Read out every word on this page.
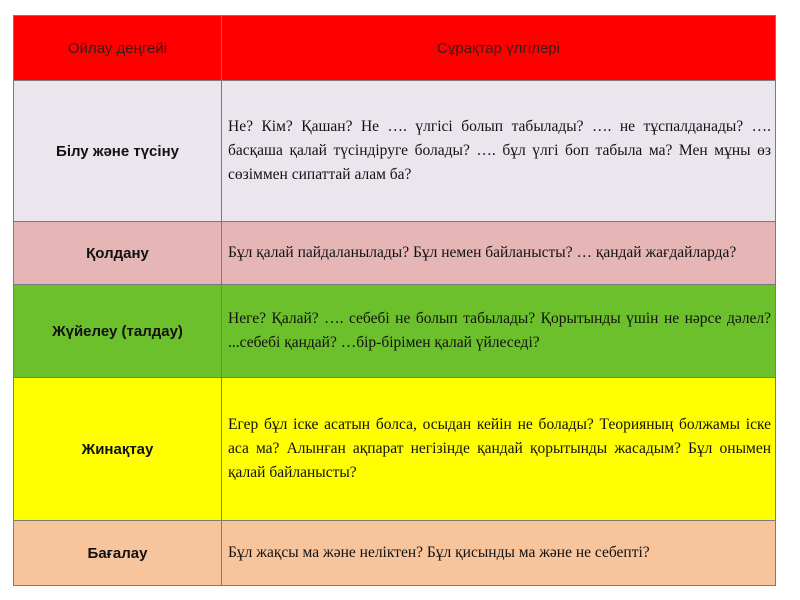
Ойлау деңгейі	Сұрақтар үлгілері
Білу және түсіну	Не? Кім? Қашан? Не …. үлгісі болып табылады? …. не тұспалданады? …. басқаша қалай түсіндіруге болады? …. бұл үлгі боп табыла ма? Мен мұны өз сөзіммен сипаттай алам ба?
Қолдану	Бұл қалай пайдаланылады? Бұл немен байланысты? … қандай жағдайларда?
Жүйелеу (талдау)	Неге? Қалай? …. себебі не болып табылады? Қорытынды үшін не нәрсе дәлел? ...себебі қандай? …бір-бірімен қалай үйлеседі?
Жинақтау	Егер бұл іске асатын болса, осыдан кейін не болады? Теорияның болжамы іске аса ма? Алынған ақпарат негізінде қандай қорытынды жасадым? Бұл онымен қалай байланысты?
Бағалау	Бұл жақсы ма және неліктен? Бұл қисынды ма және не себепті?
